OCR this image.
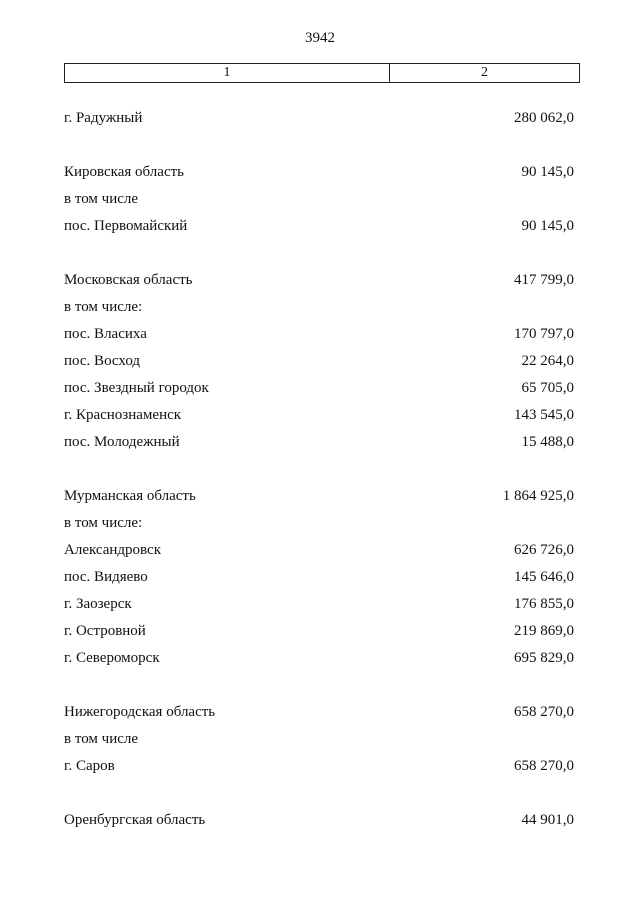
3942
1	2
г. Радужный	280 062,0
Кировская область	90 145,0
в том числе
пос. Первомайский	90 145,0
Московская область	417 799,0
в том числе:
пос. Власиха	170 797,0
пос. Восход	22 264,0
пос. Звездный городок	65 705,0
г. Краснознаменск	143 545,0
пос. Молодежный	15 488,0
Мурманская область	1 864 925,0
в том числе:
Александровск	626 726,0
пос. Видяево	145 646,0
г. Заозерск	176 855,0
г. Островной	219 869,0
г. Североморск	695 829,0
Нижегородская область	658 270,0
в том числе
г. Саров	658 270,0
Оренбургская область	44 901,0
